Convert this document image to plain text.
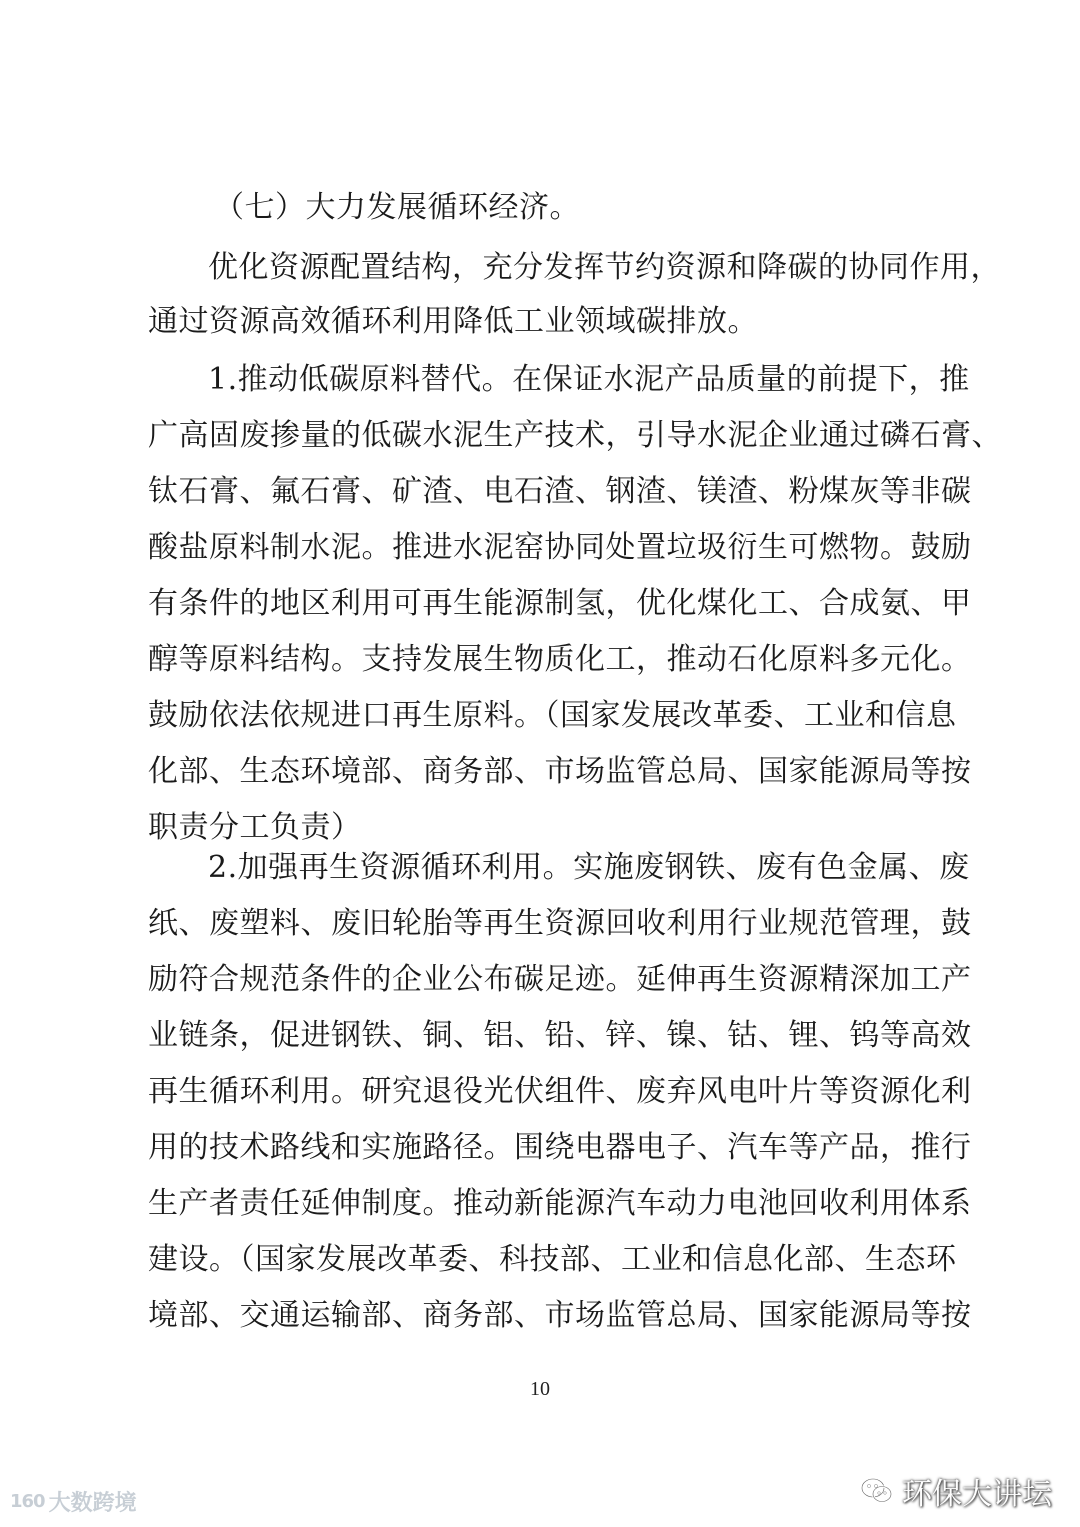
（七）大力发展循环经济。
优化资源配置结构，充分发挥节约资源和降碳的协同作用，
通过资源高效循环利用降低工业领域碳排放。
1.推动低碳原料替代。在保证水泥产品质量的前提下，推
广高固废掺量的低碳水泥生产技术，引导水泥企业通过磷石膏、
钛石膏、氟石膏、矿渣、电石渣、钢渣、镁渣、粉煤灰等非碳
酸盐原料制水泥。推进水泥窑协同处置垃圾衍生可燃物。鼓励
有条件的地区利用可再生能源制氢，优化煤化工、合成氨、甲
醇等原料结构。支持发展生物质化工，推动石化原料多元化。
鼓励依法依规进口再生原料。（国家发展改革委、工业和信息
化部、生态环境部、商务部、市场监管总局、国家能源局等按
职责分工负责）
2.加强再生资源循环利用。实施废钢铁、废有色金属、废
纸、废塑料、废旧轮胎等再生资源回收利用行业规范管理，鼓
励符合规范条件的企业公布碳足迹。延伸再生资源精深加工产
业链条，促进钢铁、铜、铝、铅、锌、镍、钴、锂、钨等高效
再生循环利用。研究退役光伏组件、废弃风电叶片等资源化利
用的技术路线和实施路径。围绕电器电子、汽车等产品，推行
生产者责任延伸制度。推动新能源汽车动力电池回收利用体系
建设。（国家发展改革委、科技部、工业和信息化部、生态环
境部、交通运输部、商务部、市场监管总局、国家能源局等按
10
160 大数跨境	环保大讲坛
